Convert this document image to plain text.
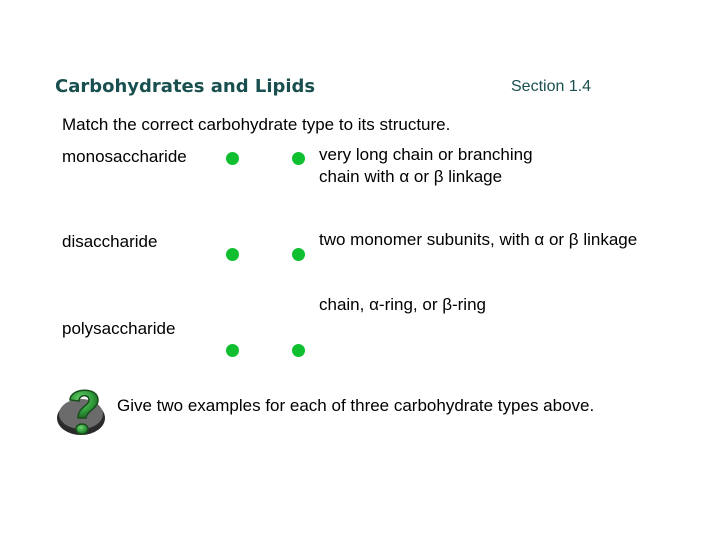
Carbohydrates and Lipids	Section 1.4
Match the correct carbohydrate type to its structure.
monosaccharide
disaccharide
polysaccharide
very long chain or branching
chain with α or β linkage
two monomer subunits, with α or β linkage
chain, α-ring, or β-ring
Give two examples for each of three carbohydrate types above.
